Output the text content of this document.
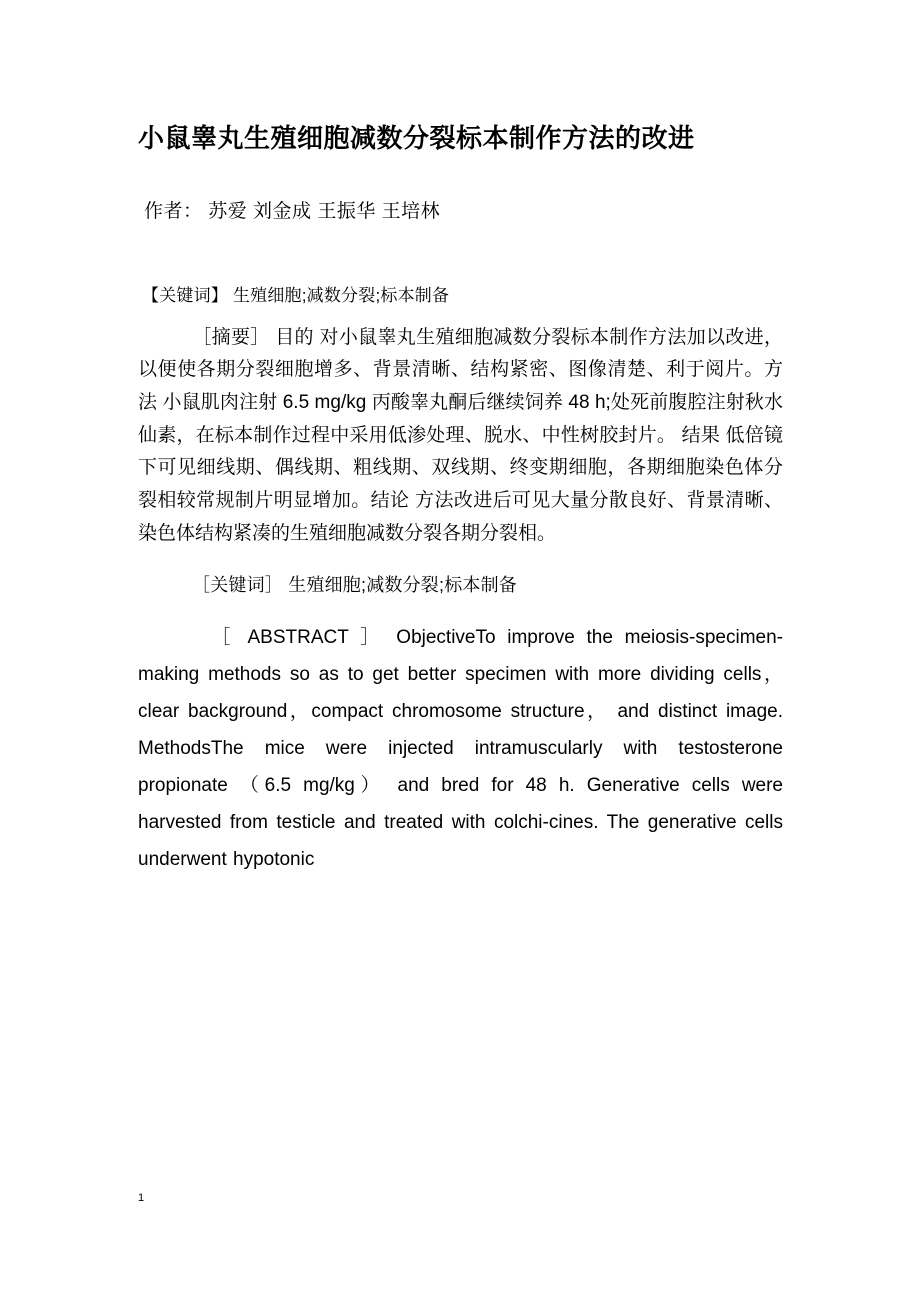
小鼠睾丸生殖细胞减数分裂标本制作方法的改进
作者： 苏爱 刘金成 王振华 王培林
【关键词】 生殖细胞;减数分裂;标本制备

［摘要］ 目的 对小鼠睾丸生殖细胞减数分裂标本制作方法加以改进，以便使各期分裂细胞增多、背景清晰、结构紧密、图像清楚、利于阅片。方法 小鼠肌肉注射 6.5 mg/kg 丙酸睾丸酮后继续饲养 48 h;处死前腹腔注射秋水仙素，在标本制作过程中采用低渗处理、脱水、中性树胶封片。 结果 低倍镜下可见细线期、偶线期、粗线期、双线期、终变期细胞，各期细胞染色体分裂相较常规制片明显增加。结论 方法改进后可见大量分散良好、背景清晰、染色体结构紧凑的生殖细胞减数分裂各期分裂相。

［关键词］ 生殖细胞;减数分裂;标本制备

［ ABSTRACT ］ ObjectiveTo improve the meiosis-specimen-making methods so as to get better specimen with more dividing cells， clear background，compact chromosome structure， and distinct image. MethodsThe mice were injected intramuscularly with testosterone propionate （6.5 mg/kg） and bred for 48 h. Generative cells were harvested from testicle and treated with colchi-cines. The generative cells underwent hypotonic

1
